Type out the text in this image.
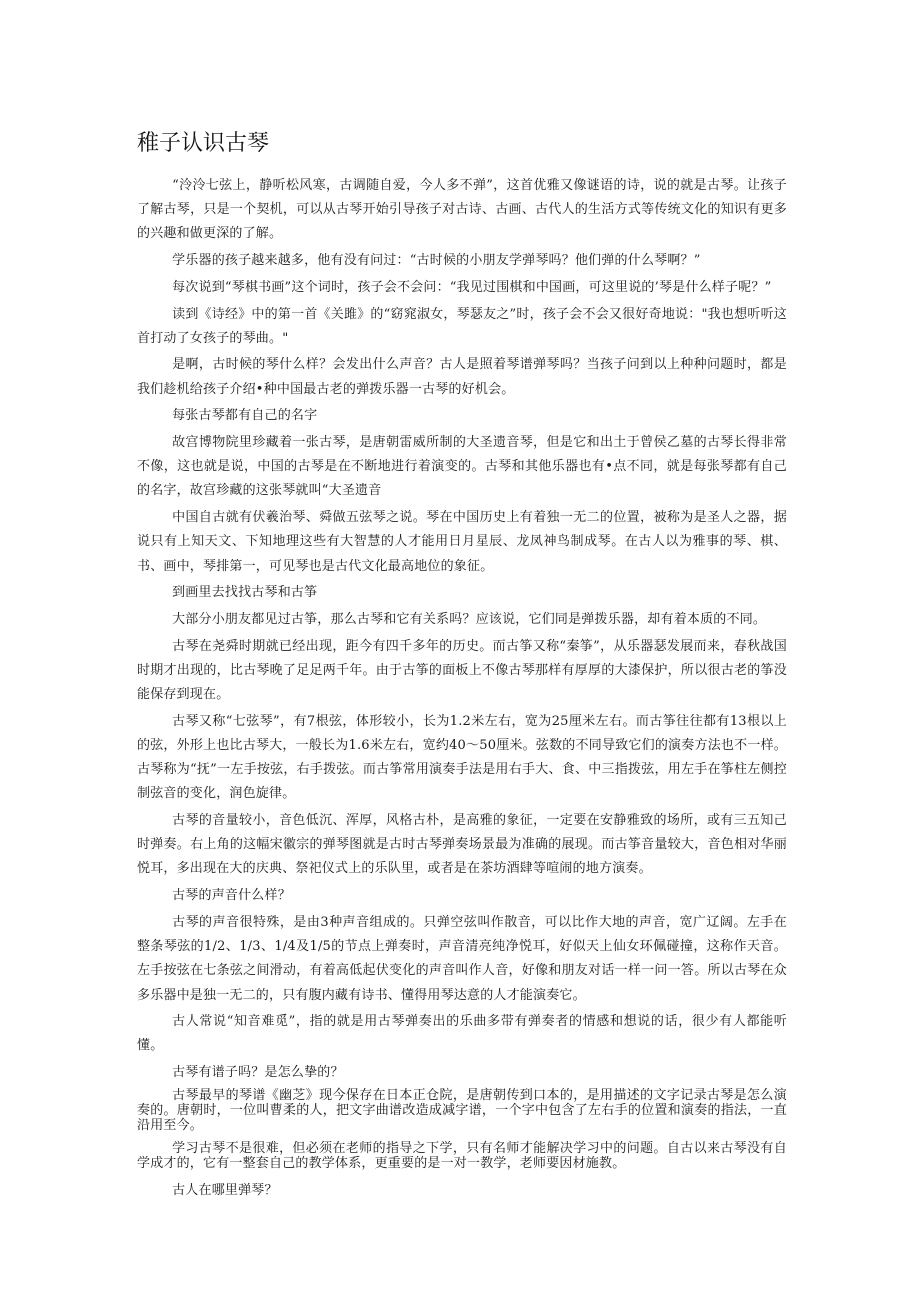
稚子认识古琴

“泠泠七弦上，静听松风寒，古调随自爱，今人多不弹”，这首优雅又像谜语的诗，说的就是古琴。让孩子了解古琴，只是一个契机，可以从古琴开始引导孩子对古诗、古画、古代人的生活方式等传统文化的知识有更多的兴趣和做更深的了解。

学乐器的孩子越来越多，他有没有问过：“古时候的小朋友学弹琴吗？他们弹的什么琴啊？”

每次说到“琴棋书画”这个词时，孩子会不会问：“我见过围棋和中国画，可这里说的’琴是什么样子呢？”

读到《诗经》中的第一首《关雎》的“窈窕淑女，琴瑟友之”时，孩子会不会又很好奇地说："我也想听听这首打动了女孩子的琴曲。"

是啊，古时候的琴什么样？会发出什么声音？古人是照着琴谱弹琴吗？当孩子问到以上种种问题时，都是我们趁机给孩子介绍•种中国最古老的弹拨乐器一古琴的好机会。

每张古琴都有自己的名字

故宫博物院里珍藏着一张古琴，是唐朝雷威所制的大圣遗音琴，但是它和出土于曾侯乙墓的古琴长得非常不像，这也就是说，中国的古琴是在不断地进行着演变的。古琴和其他乐器也有•点不同，就是每张琴都有自己的名字，故宫珍藏的这张琴就叫“大圣遗音

中国自古就有伏羲治琴、舜做五弦琴之说。琴在中国历史上有着独一无二的位置，被称为是圣人之器，据说只有上知天文、下知地理这些有大智慧的人才能用日月星辰、龙凤神鸟制成琴。在古人以为雅事的琴、棋、书、画中，琴排第一，可见琴也是古代文化最高地位的象征。

到画里去找找古琴和古筝

大部分小朋友都见过古筝，那么古琴和它有关系吗？应该说，它们同是弹拨乐器，却有着本质的不同。

古琴在尧舜时期就已经出现，距今有四千多年的历史。而古筝又称“秦筝”，从乐器瑟发展而来，春秋战国时期才出现的，比古琴晚了足足两千年。由于古筝的面板上不像古琴那样有厚厚的大漆保护，所以很古老的筝没能保存到现在。

古琴又称“七弦琴”，有7根弦，体形较小，长为1.2米左右，宽为25厘米左右。而古筝往往都有13根以上的弦，外形上也比古琴大，一般长为1.6米左右，宽约40～50厘米。弦数的不同导致它们的演奏方法也不一样。古琴称为“抚”一左手按弦，右手拨弦。而古筝常用演奏手法是用右手大、食、中三指拨弦，用左手在筝柱左侧控制弦音的变化，润色旋律。

古琴的音量较小，音色低沉、浑厚，风格古朴，是高雅的象征，一定要在安静雅致的场所，或有三五知己时弹奏。右上角的这幅宋徽宗的弹琴图就是古时古琴弹奏场景最为准确的展现。而古筝音量较大，音色相对华丽悦耳，多出现在大的庆典、祭祀仪式上的乐队里，或者是在茶坊酒肆等喧闹的地方演奏。

古琴的声音什么样？

古琴的声音很特殊，是由3种声音组成的。只弹空弦叫作散音，可以比作大地的声音，宽广辽阔。左手在整条琴弦的1/2、1/3、1/4及1/5的节点上弹奏时，声音清亮纯净悦耳，好似天上仙女环佩碰撞，这称作天音。左手按弦在七条弦之间滑动，有着高低起伏变化的声音叫作人音，好像和朋友对话一样一问一答。所以古琴在众多乐器中是独一无二的，只有腹内藏有诗书、懂得用琴达意的人才能演奏它。

古人常说“知音难觅”，指的就是用古琴弹奏出的乐曲多带有弹奏者的情感和想说的话，很少有人都能听懂。

古琴有谱子吗？是怎么挚的？

古琴最早的琴谱《幽芝》现今保存在日本正仓院，是唐朝传到口本的，是用描述的文字记录古琴是怎么演奏的。唐朝时，一位叫曹柔的人，把文字曲谱改造成减字谱，一个字中包含了左右手的位置和演奏的指法，一直沿用至今。

学习古琴不是很难，但必须在老师的指导之下学，只有名师才能解决学习中的问题。自古以来古琴没有自学成才的，它有一整套自己的教学体系，更重要的是一对一教学，老师要因材施教。

古人在哪里弹琴？
